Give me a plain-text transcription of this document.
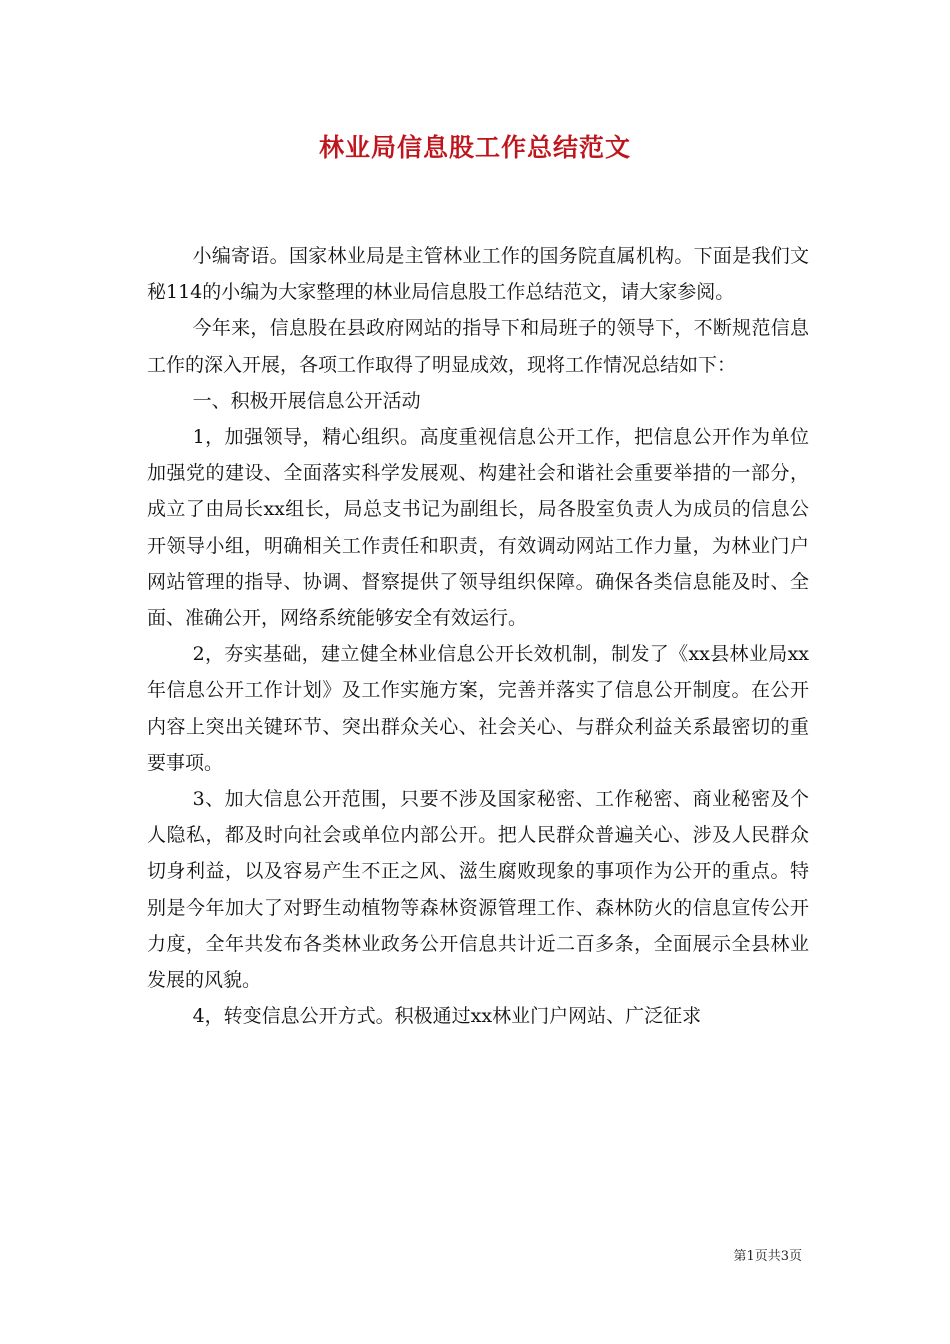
林业局信息股工作总结范文

小编寄语。国家林业局是主管林业工作的国务院直属机构。下面是我们文秘114的小编为大家整理的林业局信息股工作总结范文，请大家参阅。

今年来，信息股在县政府网站的指导下和局班子的领导下，不断规范信息工作的深入开展，各项工作取得了明显成效，现将工作情况总结如下：

一、积极开展信息公开活动

1，加强领导，精心组织。高度重视信息公开工作，把信息公开作为单位加强党的建设、全面落实科学发展观、构建社会和谐社会重要举措的一部分，成立了由局长xx组长，局总支书记为副组长，局各股室负责人为成员的信息公开领导小组，明确相关工作责任和职责，有效调动网站工作力量，为林业门户网站管理的指导、协调、督察提供了领导组织保障。确保各类信息能及时、全面、准确公开，网络系统能够安全有效运行。

2，夯实基础，建立健全林业信息公开长效机制，制发了《xx县林业局xx年信息公开工作计划》及工作实施方案，完善并落实了信息公开制度。在公开内容上突出关键环节、突出群众关心、社会关心、与群众利益关系最密切的重要事项。

3、加大信息公开范围，只要不涉及国家秘密、工作秘密、商业秘密及个人隐私，都及时向社会或单位内部公开。把人民群众普遍关心、涉及人民群众切身利益，以及容易产生不正之风、滋生腐败现象的事项作为公开的重点。特别是今年加大了对野生动植物等森林资源管理工作、森林防火的信息宣传公开力度，全年共发布各类林业政务公开信息共计近二百多条，全面展示全县林业发展的风貌。

4，转变信息公开方式。积极通过xx林业门户网站、广泛征求

第1页共3页
